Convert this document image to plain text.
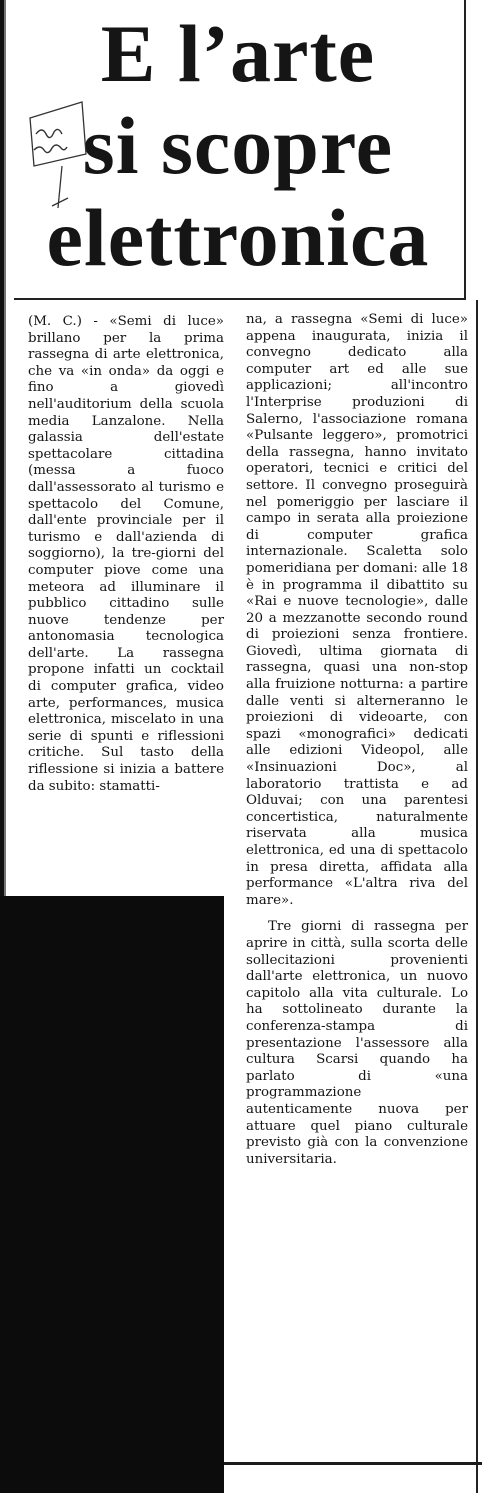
E l’arte
si scopre
elettronica

(M. C.) - «Semi di luce» brillano per la prima rassegna di arte elettronica, che va «in onda» da oggi e fino a giovedì nell'auditorium della scuola media Lanzalone. Nella galassia dell'estate spettacolare cittadina (messa a fuoco dall'assessorato al turismo e spettacolo del Comune, dall'ente provinciale per il turismo e dall'azienda di soggiorno), la tre-giorni del computer piove come una meteora ad illuminare il pubblico cittadino sulle nuove tendenze per antonomasia tecnologica dell'arte. La rassegna propone infatti un cocktail di computer grafica, video arte, performances, musica elettronica, miscelato in una serie di spunti e riflessioni critiche. Sul tasto della riflessione si inizia a battere da subito: stamatti-

na, a rassegna «Semi di luce» appena inaugurata, inizia il convegno dedicato alla computer art ed alle sue applicazioni; all'incontro l'Interprise produzioni di Salerno, l'associazione romana «Pulsante leggero», promotrici della rassegna, hanno invitato operatori, tecnici e critici del settore. Il convegno proseguirà nel pomeriggio per lasciare il campo in serata alla proiezione di computer grafica internazionale. Scaletta solo pomeridiana per domani: alle 18 è in programma il dibattito su «Rai e nuove tecnologie», dalle 20 a mezzanotte secondo round di proiezioni senza frontiere. Giovedì, ultima giornata di rassegna, quasi una non-stop alla fruizione notturna: a partire dalle venti si alterneranno le proiezioni di videoarte, con spazi «monografici» dedicati alle edizioni Videopol, alle «Insinuazioni Doc», al laboratorio trattista e ad Olduvai; con una parentesi concertistica, naturalmente riservata alla musica elettronica, ed una di spettacolo in presa diretta, affidata alla performance «L'altra riva del mare».

Tre giorni di rassegna per aprire in città, sulla scorta delle sollecitazioni provenienti dall'arte elettronica, un nuovo capitolo alla vita culturale. Lo ha sottolineato durante la conferenza-stampa di presentazione l'assessore alla cultura Scarsi quando ha parlato di «una programmazione autenticamente nuova per attuare quel piano culturale previsto già con la convenzione universitaria.
